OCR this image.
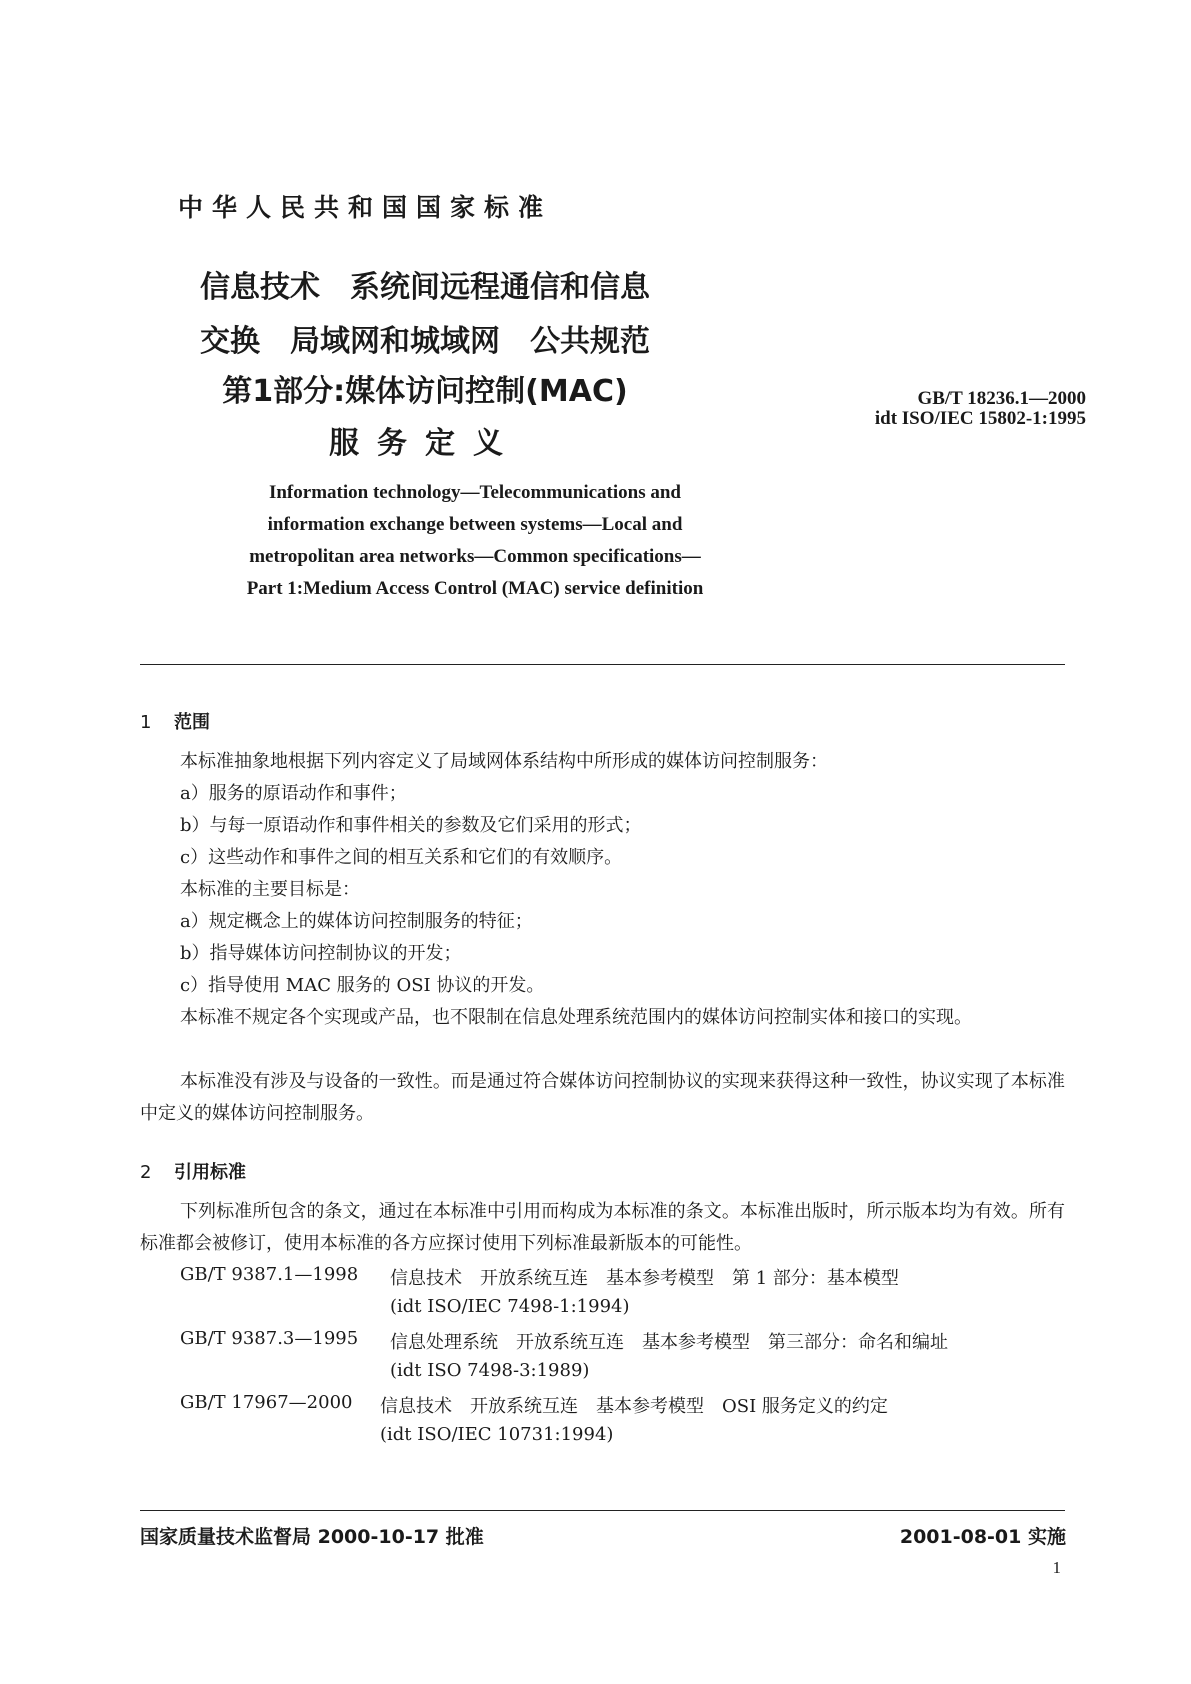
中华人民共和国国家标准
信息技术　系统间远程通信和信息
交换　局域网和城域网　公共规范
第1部分:媒体访问控制(MAC)
服务定义
GB/T 18236.1—2000
idt ISO/IEC 15802-1:1995
Information technology—Telecommunications and
information exchange between systems—Local and
metropolitan area networks—Common specifications—
Part 1:Medium Access Control (MAC) service definition
1 范围
本标准抽象地根据下列内容定义了局域网体系结构中所形成的媒体访问控制服务：
a）服务的原语动作和事件；
b）与每一原语动作和事件相关的参数及它们采用的形式；
c）这些动作和事件之间的相互关系和它们的有效顺序。
本标准的主要目标是：
a）规定概念上的媒体访问控制服务的特征；
b）指导媒体访问控制协议的开发；
c）指导使用 MAC 服务的 OSI 协议的开发。
本标准不规定各个实现或产品，也不限制在信息处理系统范围内的媒体访问控制实体和接口的实现。
本标准没有涉及与设备的一致性。而是通过符合媒体访问控制协议的实现来获得这种一致性，协议实现了本标准中定义的媒体访问控制服务。
2 引用标准
下列标准所包含的条文，通过在本标准中引用而构成为本标准的条文。本标准出版时，所示版本均为有效。所有标准都会被修订，使用本标准的各方应探讨使用下列标准最新版本的可能性。
GB/T 9387.1—1998 信息技术　开放系统互连　基本参考模型　第 1 部分：基本模型
(idt ISO/IEC 7498-1:1994)
GB/T 9387.3—1995 信息处理系统　开放系统互连　基本参考模型　第三部分：命名和编址
(idt ISO 7498-3:1989)
GB/T 17967—2000 信息技术　开放系统互连　基本参考模型　OSI 服务定义的约定
(idt ISO/IEC 10731:1994)
国家质量技术监督局 2000-10-17 批准	2001-08-01 实施
1
